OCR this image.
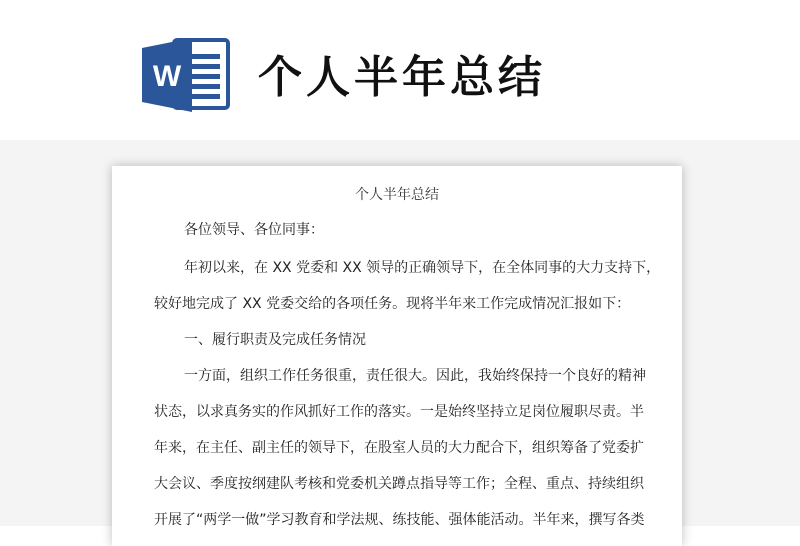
W 个人半年总结
个人半年总结
各位领导、各位同事：
年初以来，在 XX 党委和 XX 领导的正确领导下，在全体同事的大力支持下，
较好地完成了 XX 党委交给的各项任务。现将半年来工作完成情况汇报如下：
一、履行职责及完成任务情况
一方面，组织工作任务很重，责任很大。因此，我始终保持一个良好的精神
状态，以求真务实的作风抓好工作的落实。一是始终坚持立足岗位履职尽责。半
年来，在主任、副主任的领导下，在股室人员的大力配合下，组织筹备了党委扩
大会议、季度按纲建队考核和党委机关蹲点指导等工作；全程、重点、持续组织
开展了“两学一做”学习教育和学法规、练技能、强体能活动。半年来，撰写各类
